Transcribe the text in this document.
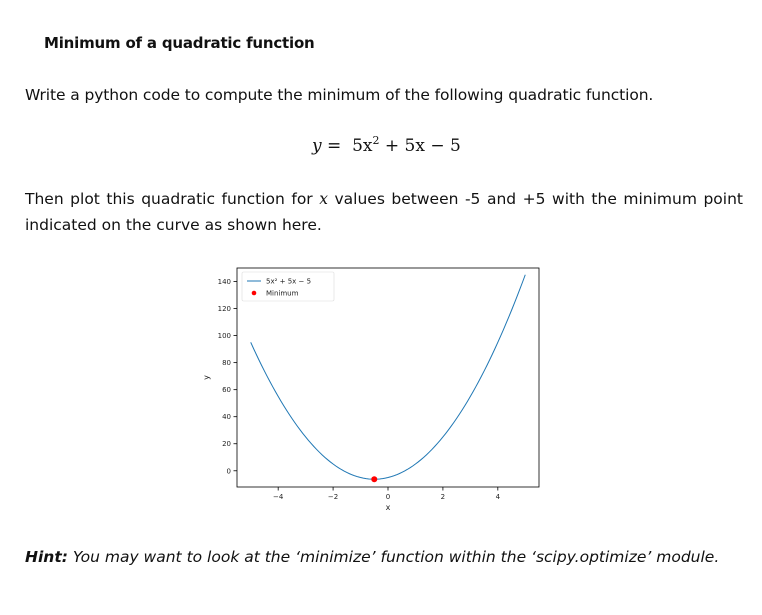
Minimum of a quadratic function
Write a python code to compute the minimum of the following quadratic function.
$y = 5x^2 + 5x - 5$
Then plot this quadratic function for x values between -5 and +5 with the minimum point indicated on the curve as shown here.
−4	−2	0	2	4
0
20
40
60
80
100
120
140	5x² + 5x − 5
Minimum
x
y
Hint: You may want to look at the ‘minimize’ function within the ‘scipy.optimize’ module.
